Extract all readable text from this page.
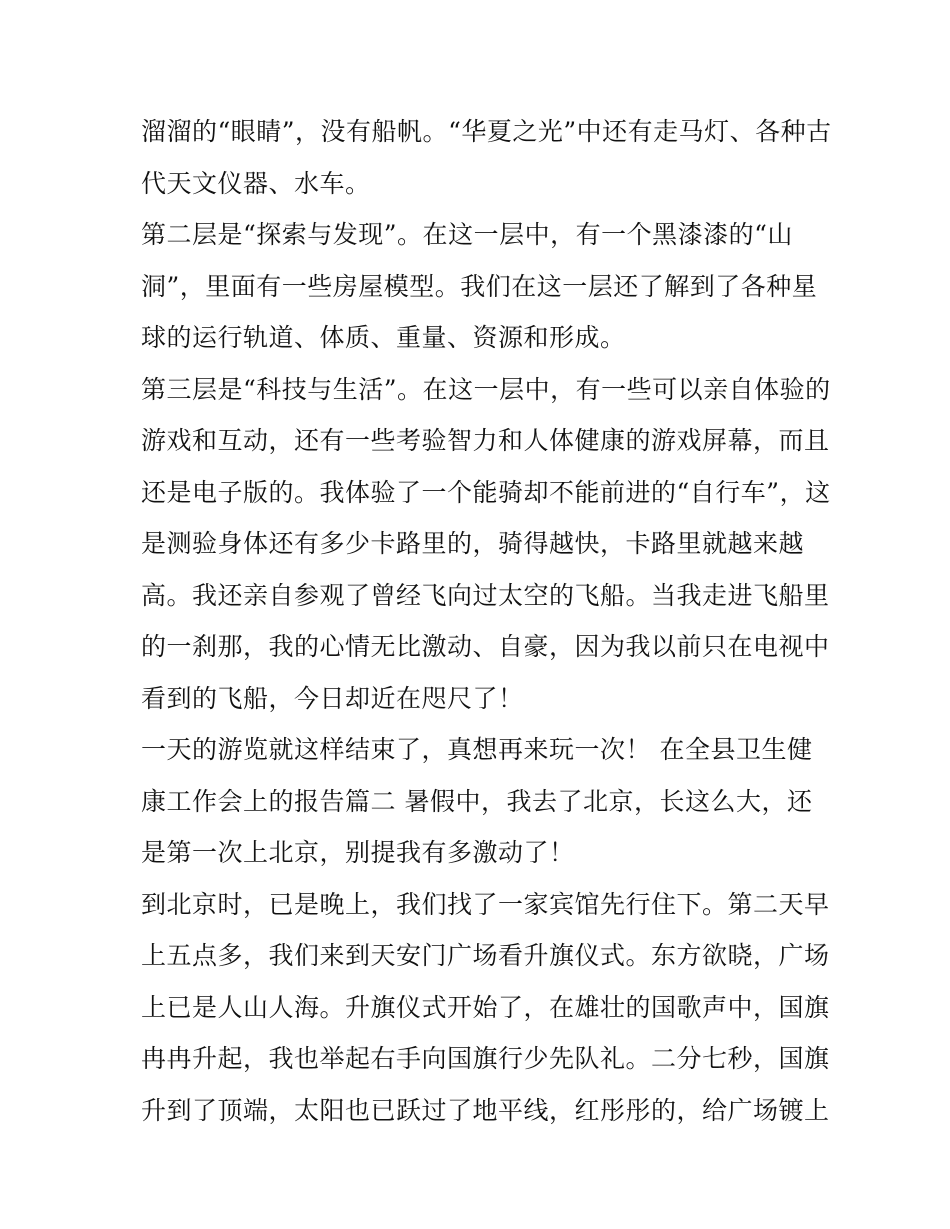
溜溜的“眼睛”，没有船帆。“华夏之光”中还有走马灯、各种古
代天文仪器、水车。
第二层是“探索与发现”。在这一层中，有一个黑漆漆的“山
洞”，里面有一些房屋模型。我们在这一层还了解到了各种星
球的运行轨道、体质、重量、资源和形成。
第三层是“科技与生活”。在这一层中，有一些可以亲自体验的
游戏和互动，还有一些考验智力和人体健康的游戏屏幕，而且
还是电子版的。我体验了一个能骑却不能前进的“自行车”，这
是测验身体还有多少卡路里的，骑得越快，卡路里就越来越
高。我还亲自参观了曾经飞向过太空的飞船。当我走进飞船里
的一刹那，我的心情无比激动、自豪，因为我以前只在电视中
看到的飞船，今日却近在咫尺了！
一天的游览就这样结束了，真想再来玩一次！ 在全县卫生健
康工作会上的报告篇二 暑假中，我去了北京，长这么大，还
是第一次上北京，别提我有多激动了！
到北京时，已是晚上，我们找了一家宾馆先行住下。第二天早
上五点多，我们来到天安门广场看升旗仪式。东方欲晓，广场
上已是人山人海。升旗仪式开始了，在雄壮的国歌声中，国旗
冉冉升起，我也举起右手向国旗行少先队礼。二分七秒，国旗
升到了顶端，太阳也已跃过了地平线，红彤彤的，给广场镀上
